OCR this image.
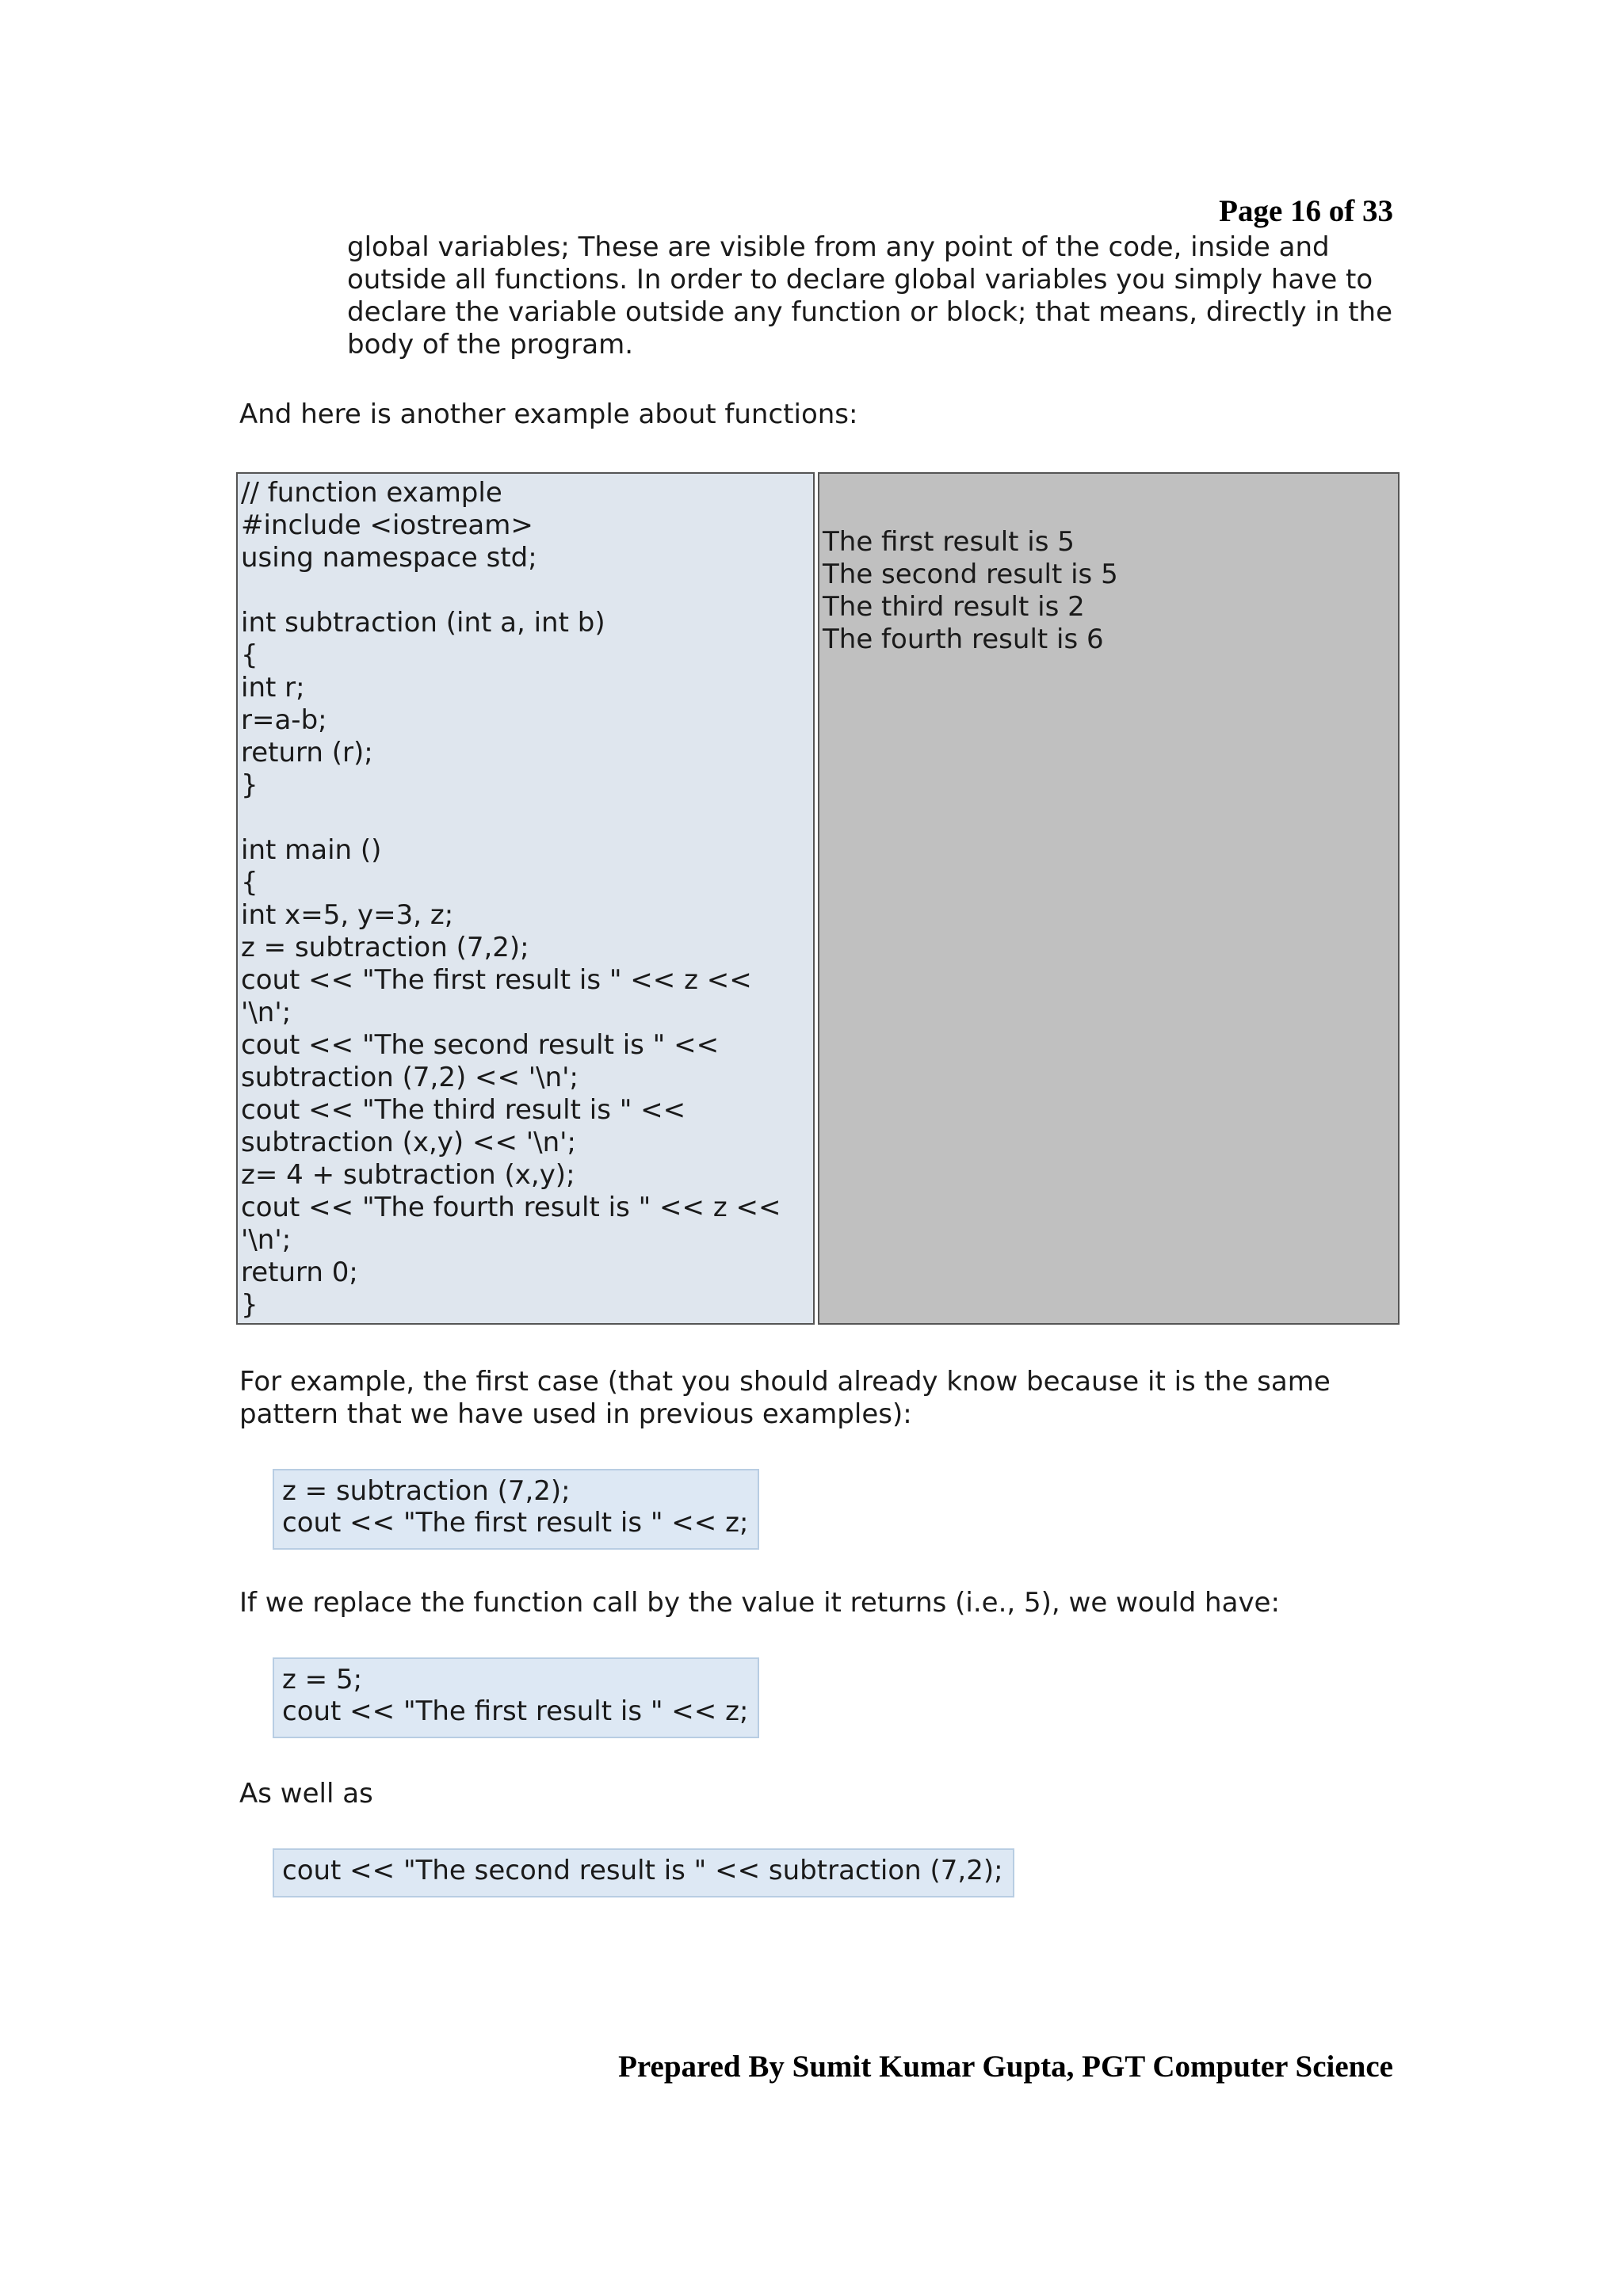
Page 16 of 33
global variables; These are visible from any point of the code, inside and outside all functions. In order to declare global variables you simply have to declare the variable outside any function or block; that means, directly in the body of the program.
And here is another example about functions:
// function example
#include <iostream>
using namespace std;

int subtraction (int a, int b)
{
int r;
r=a-b;
return (r);
}

int main ()
{
int x=5, y=3, z;
z = subtraction (7,2);
cout << "The first result is " << z <<
'\n';
cout << "The second result is " <<
subtraction (7,2) << '\n';
cout << "The third result is " <<
subtraction (x,y) << '\n';
z= 4 + subtraction (x,y);
cout << "The fourth result is " << z <<
'\n';
return 0;
}
The first result is 5
The second result is 5
The third result is 2
The fourth result is 6
For example, the first case (that you should already know because it is the same pattern that we have used in previous examples):
z = subtraction (7,2);
cout << "The first result is " << z;
If we replace the function call by the value it returns (i.e., 5), we would have:
z = 5;
cout << "The first result is " << z;
As well as
cout << "The second result is " << subtraction (7,2);
Prepared By Sumit Kumar Gupta, PGT Computer Science
